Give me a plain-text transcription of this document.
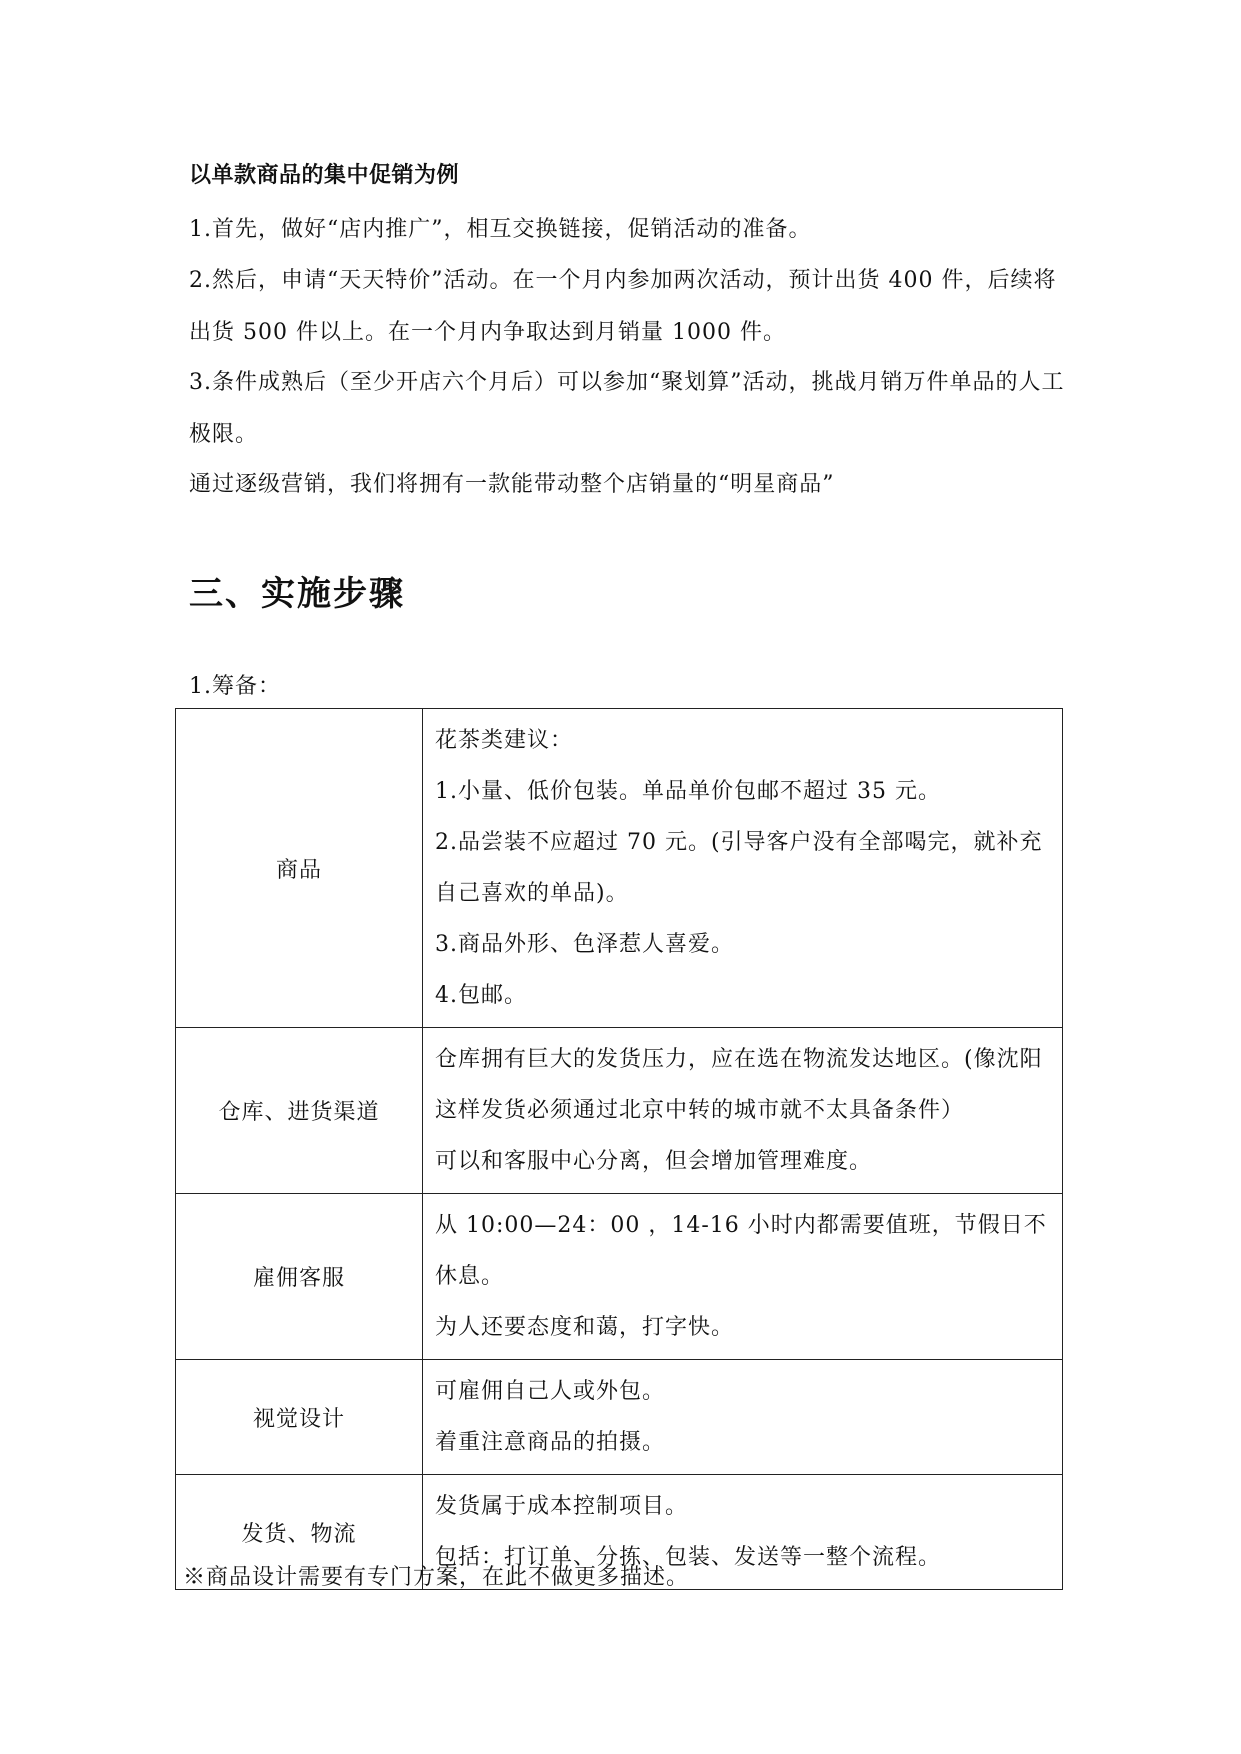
以单款商品的集中促销为例

1.首先，做好“店内推广”，相互交换链接，促销活动的准备。

2.然后，申请“天天特价”活动。在一个月内参加两次活动，预计出货 400 件，后续将出货 500 件以上。在一个月内争取达到月销量 1000 件。

3.条件成熟后（至少开店六个月后）可以参加“聚划算”活动，挑战月销万件单品的人工极限。

通过逐级营销，我们将拥有一款能带动整个店销量的“明星商品”

三、实施步骤
1.筹备：
商品	花茶类建议：

1.小量、低价包装。单品单价包邮不超过 35 元。

2.品尝装不应超过 70 元。(引导客户没有全部喝完，就补充自己喜欢的单品)。

3.商品外形、色泽惹人喜爱。

4.包邮。

仓库、进货渠道	仓库拥有巨大的发货压力，应在选在物流发达地区。(像沈阳这样发货必须通过北京中转的城市就不太具备条件）

可以和客服中心分离，但会增加管理难度。

雇佣客服	从 10:00—24：00 ，14-16 小时内都需要值班，节假日不休息。

为人还要态度和蔼，打字快。

视觉设计	可雇佣自己人或外包。

着重注意商品的拍摄。

发货、物流	发货属于成本控制项目。

包括：打订单、分拣、包装、发送等一整个流程。

※商品设计需要有专门方案，在此不做更多描述。
